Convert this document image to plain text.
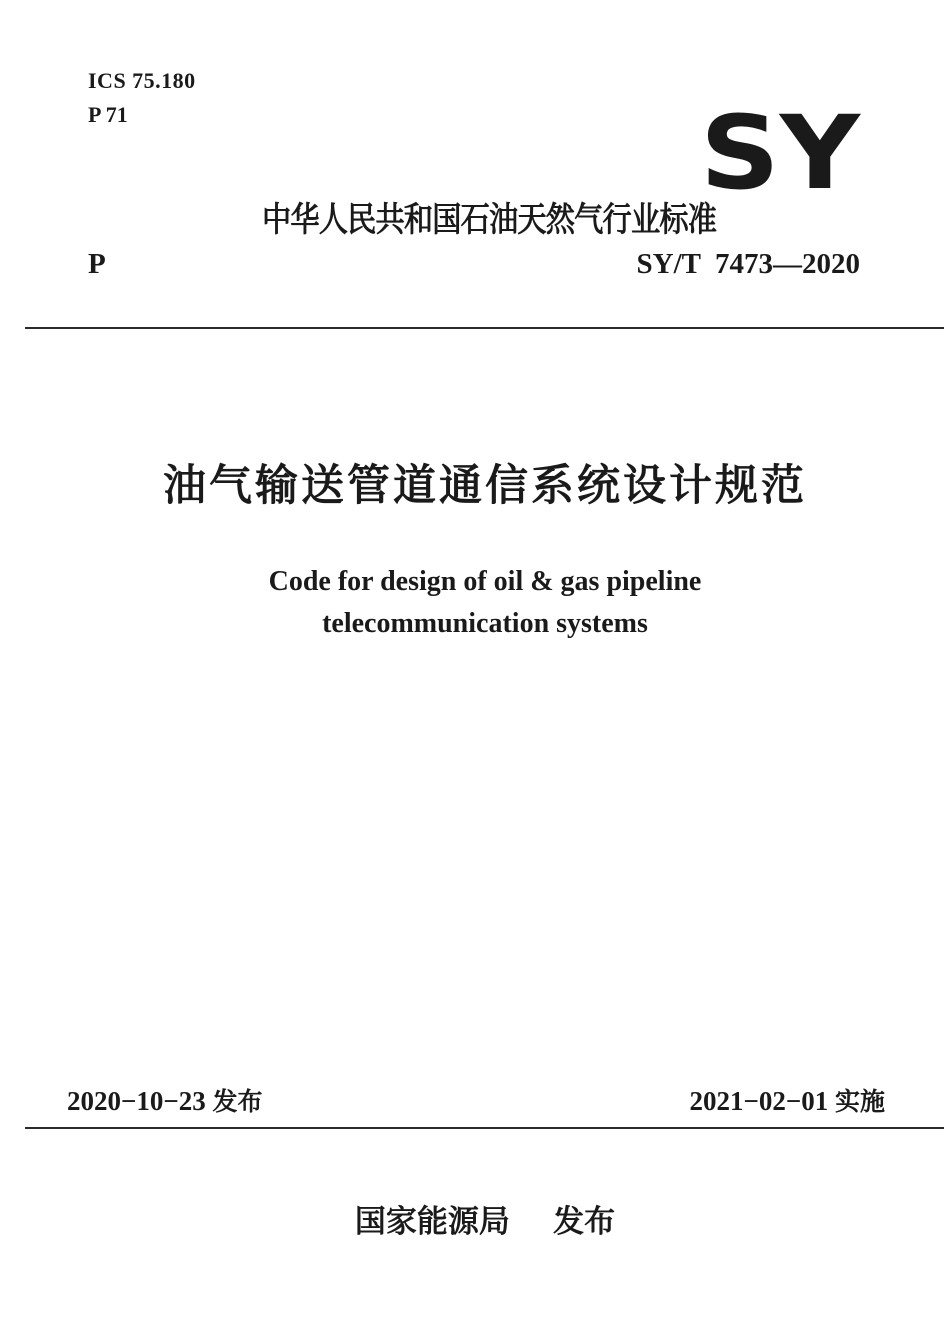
ICS 75.180
P 71	SY
中华人民共和国石油天然气行业标准
P	SY/T  7473—2020
油气输送管道通信系统设计规范
Code for design of oil & gas pipeline
telecommunication systems
2020−10−23 发布	2021−02−01 实施
国家能源局    发布
